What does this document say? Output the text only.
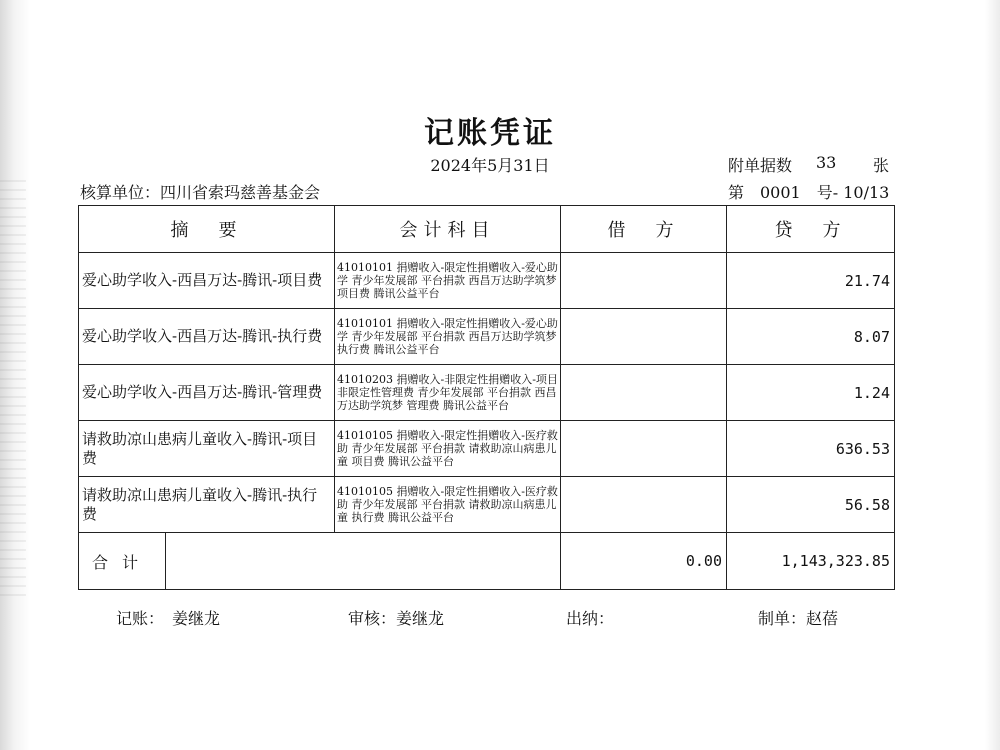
记账凭证
2024年5月31日	附单据数 33 张
核算单位：四川省索玛慈善基金会	第　0001　号- 10/13
摘　要	会计科目	借　方	贷　方
爱心助学收入-西昌万达-腾讯-项目费	41010101 捐赠收入-限定性捐赠收入-爱心助学 青少年发展部 平台捐款 西昌万达助学筑梦 项目费 腾讯公益平台		21.74
爱心助学收入-西昌万达-腾讯-执行费	41010101 捐赠收入-限定性捐赠收入-爱心助学 青少年发展部 平台捐款 西昌万达助学筑梦 执行费 腾讯公益平台		8.07
爱心助学收入-西昌万达-腾讯-管理费	41010203 捐赠收入-非限定性捐赠收入-项目非限定性管理费 青少年发展部 平台捐款 西昌万达助学筑梦 管理费 腾讯公益平台		1.24
请救助凉山患病儿童收入-腾讯-项目费	41010105 捐赠收入-限定性捐赠收入-医疗救助 青少年发展部 平台捐款 请救助凉山病患儿童 项目费 腾讯公益平台		636.53
请救助凉山患病儿童收入-腾讯-执行费	41010105 捐赠收入-限定性捐赠收入-医疗救助 青少年发展部 平台捐款 请救助凉山病患儿童 执行费 腾讯公益平台		56.58

合计		0.00	1,143,323.85
记账：　姜继龙	审核：姜继龙	出纳：	制单：赵蓓
